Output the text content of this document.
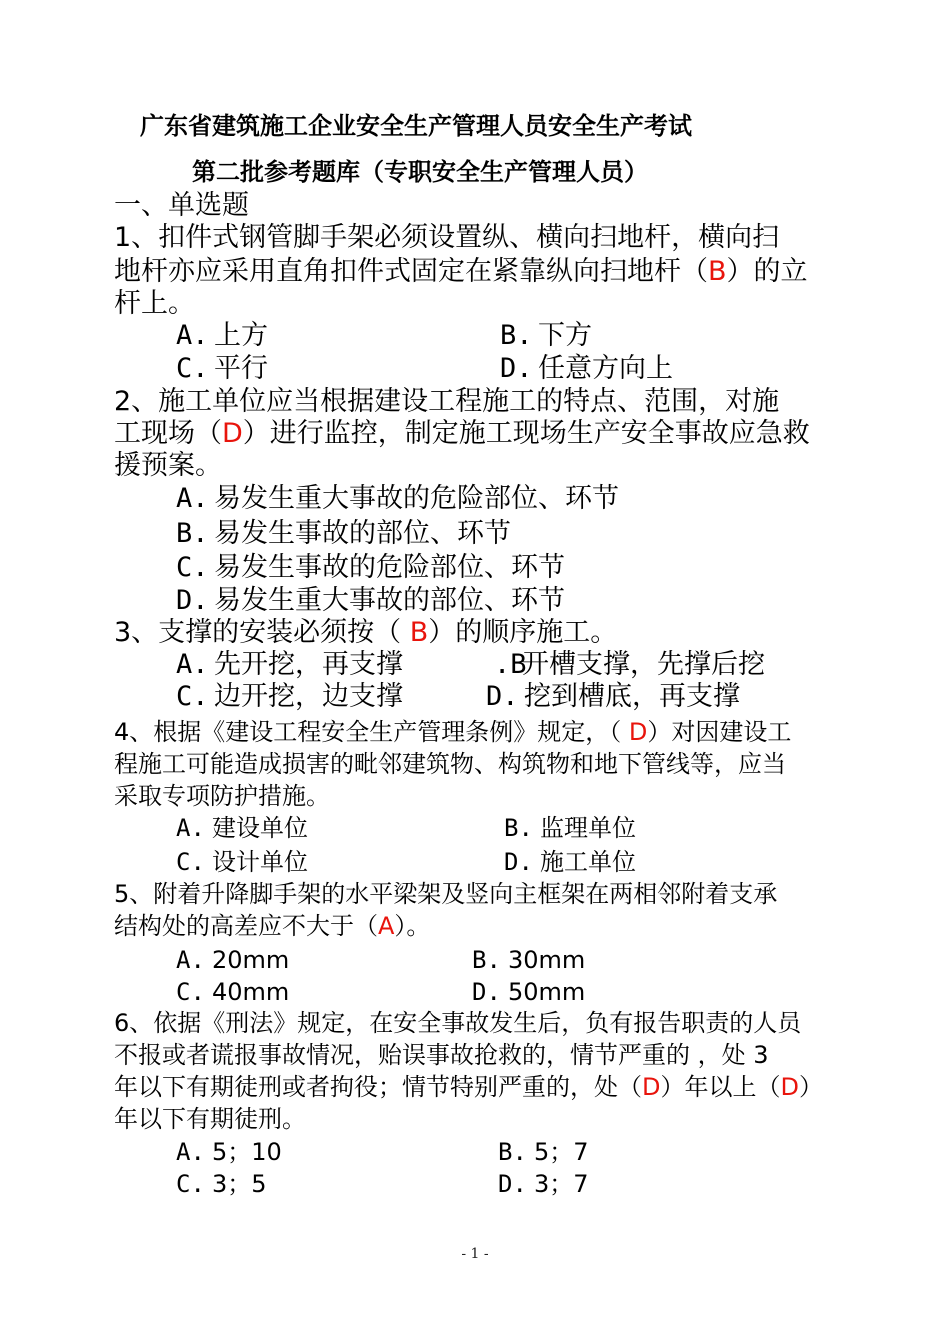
广东省建筑施工企业安全生产管理人员安全生产考试
第二批参考题库（专职安全生产管理人员）
一、单选题
1、扣件式钢管脚手架必须设置纵、横向扫地杆，横向扫
地杆亦应采用直角扣件式固定在紧靠纵向扫地杆（B）的立
杆上。
A. 上方	B. 下方
C. 平行	D. 任意方向上
2、施工单位应当根据建设工程施工的特点、范围，对施
工现场（D）进行监控，制定施工现场生产安全事故应急救
援预案。
A. 易发生重大事故的危险部位、环节
B. 易发生事故的部位、环节
C. 易发生事故的危险部位、环节
D. 易发生重大事故的部位、环节
3、支撑的安装必须按（ B）的顺序施工。
A. 先开挖，再支撑	.B开槽支撑，先撑后挖
C. 边开挖，边支撑	D. 挖到槽底，再支撑
4、根据《建设工程安全生产管理条例》规定，（ D）对因建设工
程施工可能造成损害的毗邻建筑物、构筑物和地下管线等，应当
采取专项防护措施。
A. 建设单位	B. 监理单位
C. 设计单位	D. 施工单位
5、附着升降脚手架的水平梁架及竖向主框架在两相邻附着支承
结构处的高差应不大于（A）。
A. 20mm	B. 30mm
C. 40mm	D. 50mm
6、依据《刑法》规定，在安全事故发生后，负有报告职责的人员
不报或者谎报事故情况，贻误事故抢救的，情节严重的 ，处 3
年以下有期徒刑或者拘役；情节特别严重的，处（D）年以上（D）
年以下有期徒刑。
A. 5；10	B. 5；7
C. 3；5	D. 3；7
- 1 -
